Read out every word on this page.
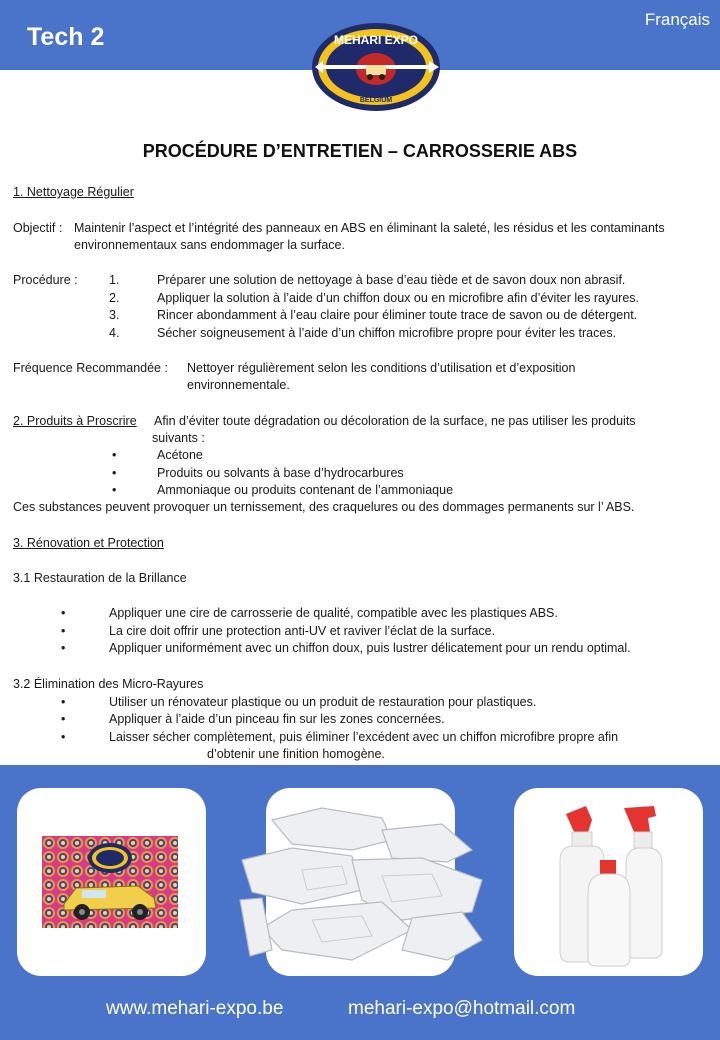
Tech 2
Français
MEHARI EXPO
BELGIUM
PROCÉDURE D’ENTRETIEN – CARROSSERIE ABS
1. Nettoyage Régulier
Objectif : Maintenir l’aspect et l’intégrité des panneaux en ABS en éliminant la saleté, les résidus et les contaminants
environnementaux sans endommager la surface.
Procédure :	1.	Préparer une solution de nettoyage à base d’eau tiède et de savon doux non abrasif.
2.	Appliquer la solution à l’aide d’un chiffon doux ou en microfibre afin d’éviter les rayures.
3.	Rincer abondamment à l’eau claire pour éliminer toute trace de savon ou de détergent.
4.	Sécher soigneusement à l’aide d’un chiffon microfibre propre pour éviter les traces.
Fréquence Recommandée : Nettoyer régulièrement selon les conditions d’utilisation et d’exposition
environnementale.
2. Produits à Proscrire Afin d’éviter toute dégradation ou décoloration de la surface, ne pas utiliser les produits
suivants :
•	Acétone
•	Produits ou solvants à base d’hydrocarbures
•	Ammoniaque ou produits contenant de l’ammoniaque
Ces substances peuvent provoquer un ternissement, des craquelures ou des dommages permanents sur l’ ABS.
3. Rénovation et Protection
3.1 Restauration de la Brillance
•	Appliquer une cire de carrosserie de qualité, compatible avec les plastiques ABS.
•	La cire doit offrir une protection anti-UV et raviver l’éclat de la surface.
•	Appliquer uniformément avec un chiffon doux, puis lustrer délicatement pour un rendu optimal.
3.2 Élimination des Micro-Rayures
•	Utiliser un rénovateur plastique ou un produit de restauration pour plastiques.
•	Appliquer à l’aide d’un pinceau fin sur les zones concernées.
•	Laisser sécher complètement, puis éliminer l’excédent avec un chiffon microfibre propre afin
d’obtenir une finition homogène.
www.mehari-expo.be	mehari-expo@hotmail.com
